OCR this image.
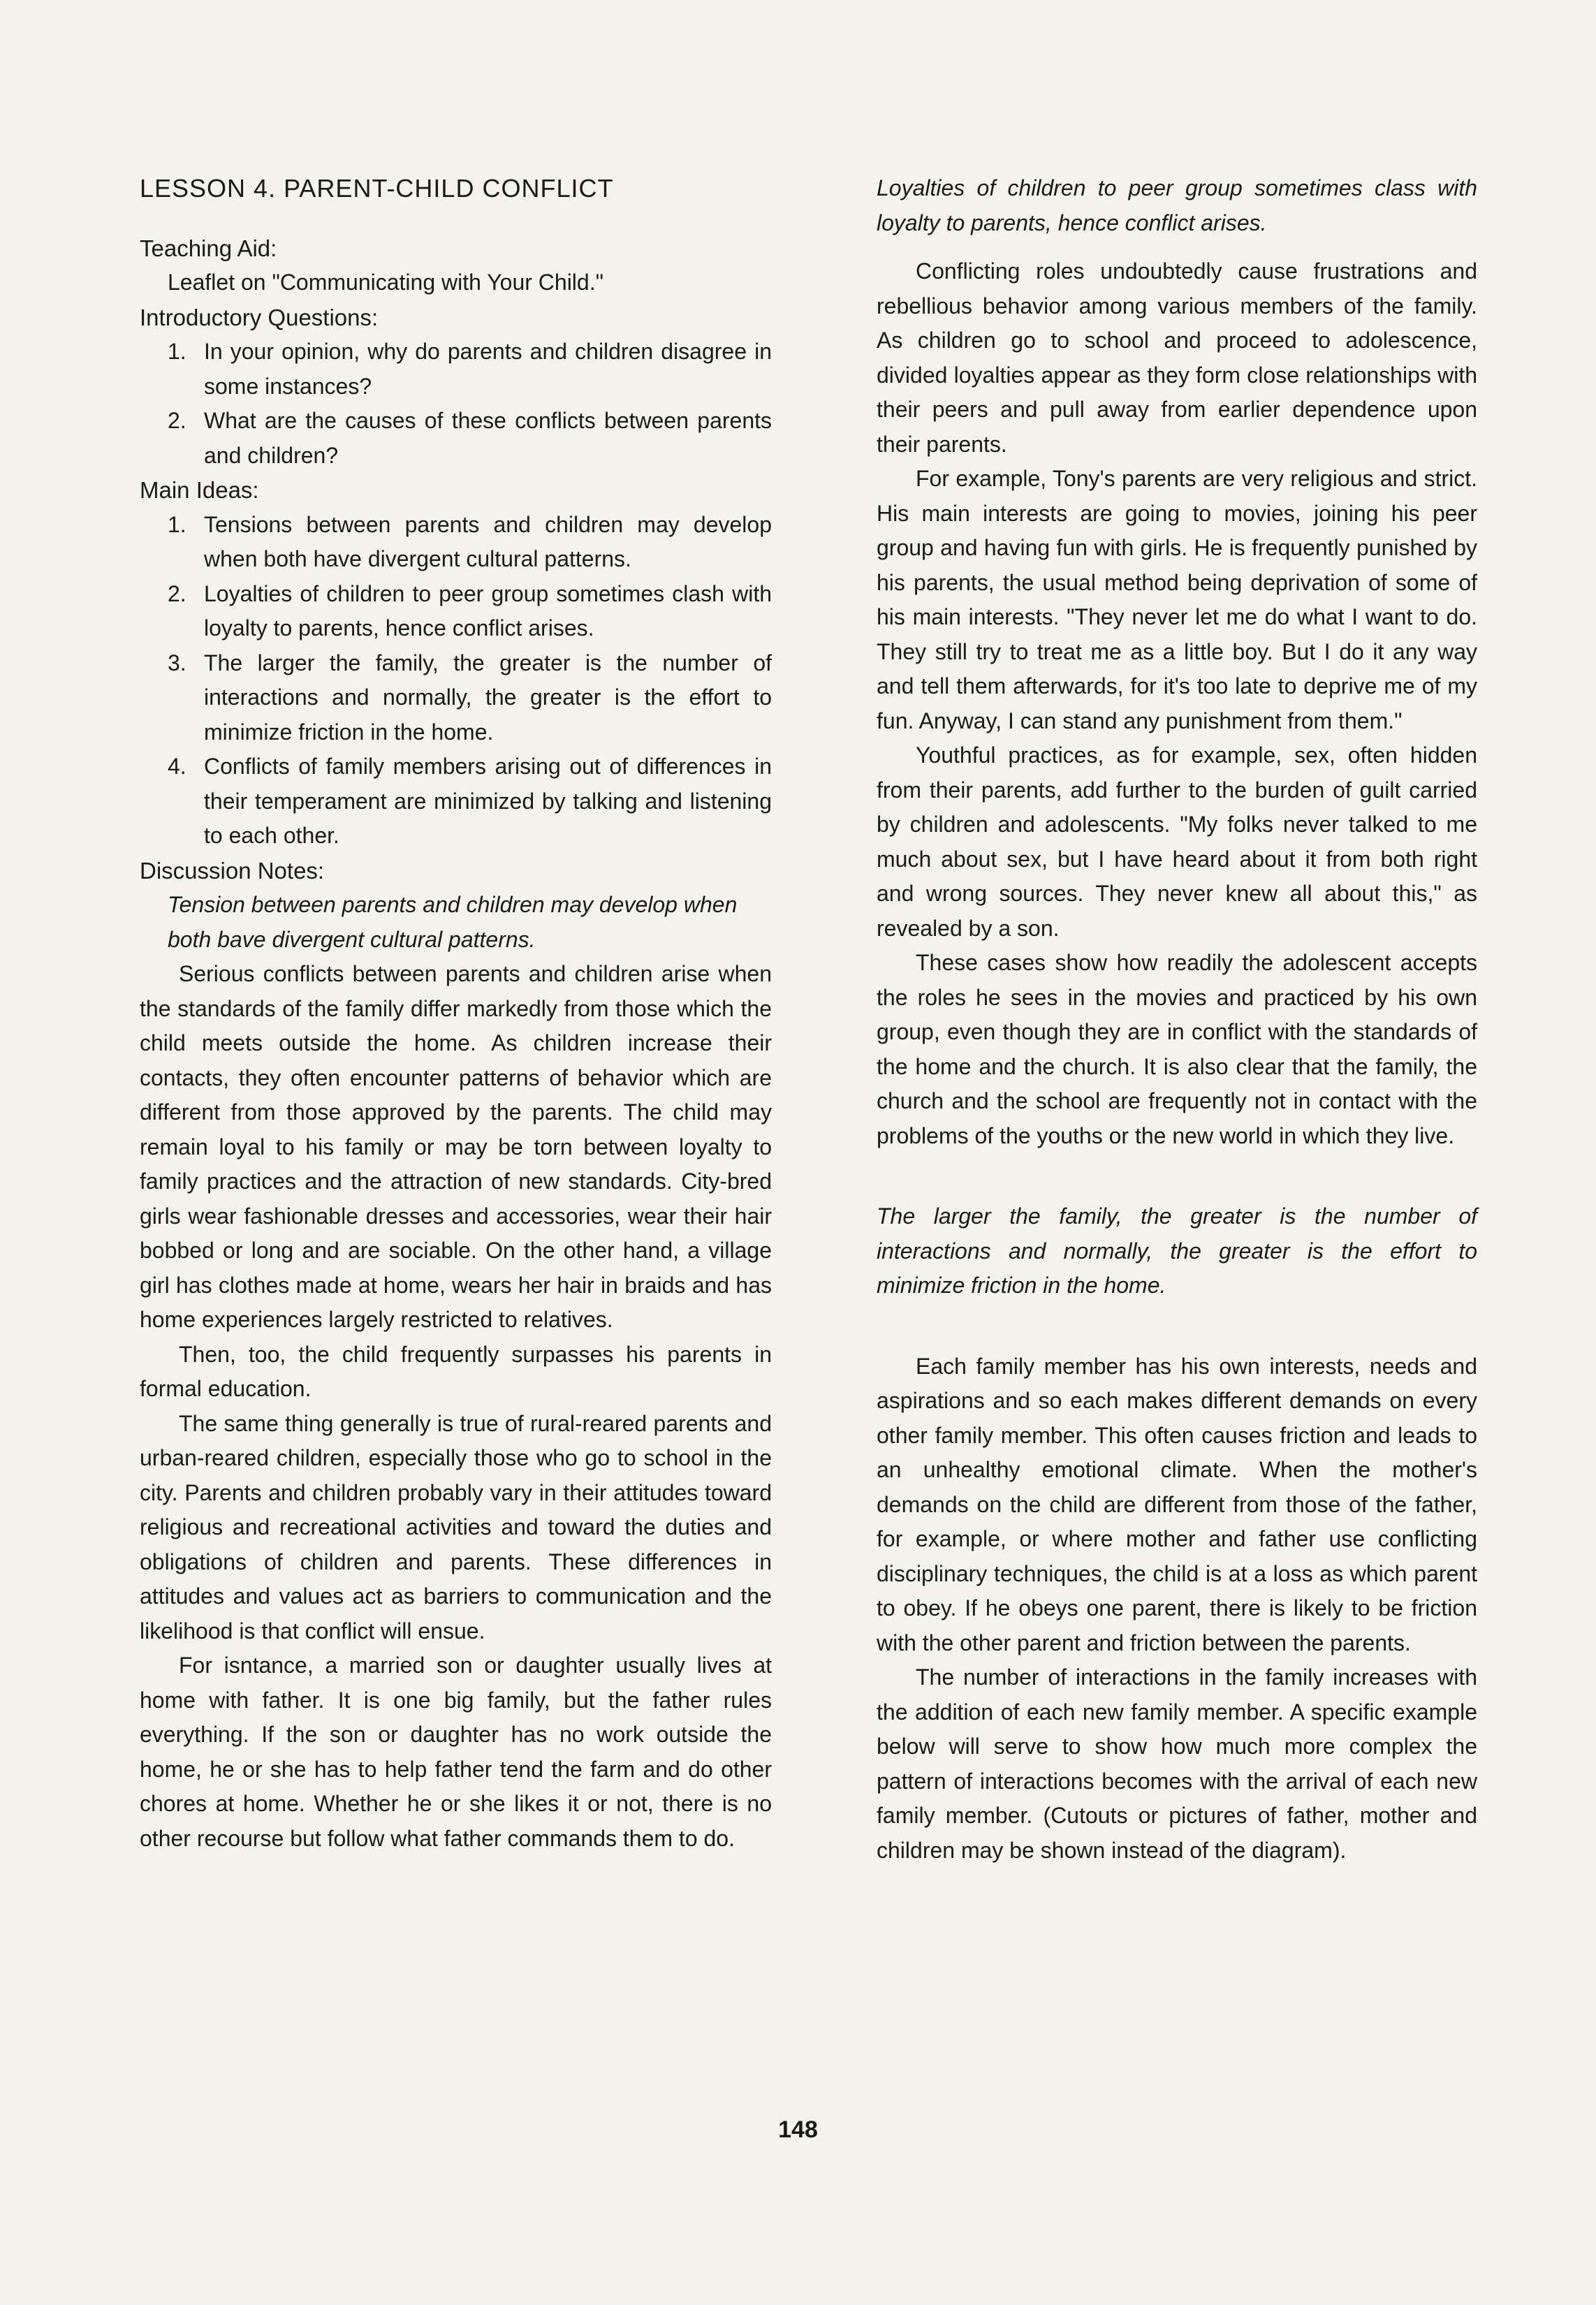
LESSON 4. PARENT-CHILD CONFLICT
Teaching Aid:
Leaflet on "Communicating with Your Child."
Introductory Questions:
1. In your opinion, why do parents and children disagree in some instances?
2. What are the causes of these conflicts between parents and children?
Main Ideas:
1. Tensions between parents and children may develop when both have divergent cultural patterns.
2. Loyalties of children to peer group sometimes clash with loyalty to parents, hence conflict arises.
3. The larger the family, the greater is the number of interactions and normally, the greater is the effort to minimize friction in the home.
4. Conflicts of family members arising out of differences in their temperament are minimized by talking and listening to each other.
Discussion Notes:
Tension between parents and children may develop when both bave divergent cultural patterns.

Serious conflicts between parents and children arise when the standards of the family differ markedly from those which the child meets outside the home. As children increase their contacts, they often encounter patterns of behavior which are different from those approved by the parents. The child may remain loyal to his family or may be torn between loyalty to family practices and the attraction of new standards. City-bred girls wear fashionable dresses and accessories, wear their hair bobbed or long and are sociable. On the other hand, a village girl has clothes made at home, wears her hair in braids and has home experiences largely restricted to relatives.

Then, too, the child frequently surpasses his parents in formal education.

The same thing generally is true of rural-reared parents and urban-reared children, especially those who go to school in the city. Parents and children probably vary in their attitudes toward religious and recreational activities and toward the duties and obligations of children and parents. These differences in attitudes and values act as barriers to communication and the likelihood is that conflict will ensue.

For isntance, a married son or daughter usually lives at home with father. It is one big family, but the father rules everything. If the son or daughter has no work outside the home, he or she has to help father tend the farm and do other chores at home. Whether he or she likes it or not, there is no other recourse but follow what father commands them to do.

Loyalties of children to peer group sometimes class with loyalty to parents, hence conflict arises.

Conflicting roles undoubtedly cause frustrations and rebellious behavior among various members of the family. As children go to school and proceed to adolescence, divided loyalties appear as they form close relationships with their peers and pull away from earlier dependence upon their parents.

For example, Tony's parents are very religious and strict. His main interests are going to movies, joining his peer group and having fun with girls. He is frequently punished by his parents, the usual method being deprivation of some of his main interests. "They never let me do what I want to do. They still try to treat me as a little boy. But I do it any way and tell them afterwards, for it's too late to deprive me of my fun. Anyway, I can stand any punishment from them."

Youthful practices, as for example, sex, often hidden from their parents, add further to the burden of guilt carried by children and adolescents. "My folks never talked to me much about sex, but I have heard about it from both right and wrong sources. They never knew all about this," as revealed by a son.

These cases show how readily the adolescent accepts the roles he sees in the movies and practiced by his own group, even though they are in conflict with the standards of the home and the church. It is also clear that the family, the church and the school are frequently not in contact with the problems of the youths or the new world in which they live.

The larger the family, the greater is the number of interactions and normally, the greater is the effort to minimize friction in the home.

Each family member has his own interests, needs and aspirations and so each makes different demands on every other family member. This often causes friction and leads to an unhealthy emotional climate. When the mother's demands on the child are different from those of the father, for example, or where mother and father use conflicting disciplinary techniques, the child is at a loss as which parent to obey. If he obeys one parent, there is likely to be friction with the other parent and friction between the parents.

The number of interactions in the family increases with the addition of each new family member. A specific example below will serve to show how much more complex the pattern of interactions becomes with the arrival of each new family member. (Cutouts or pictures of father, mother and children may be shown instead of the diagram).

148
